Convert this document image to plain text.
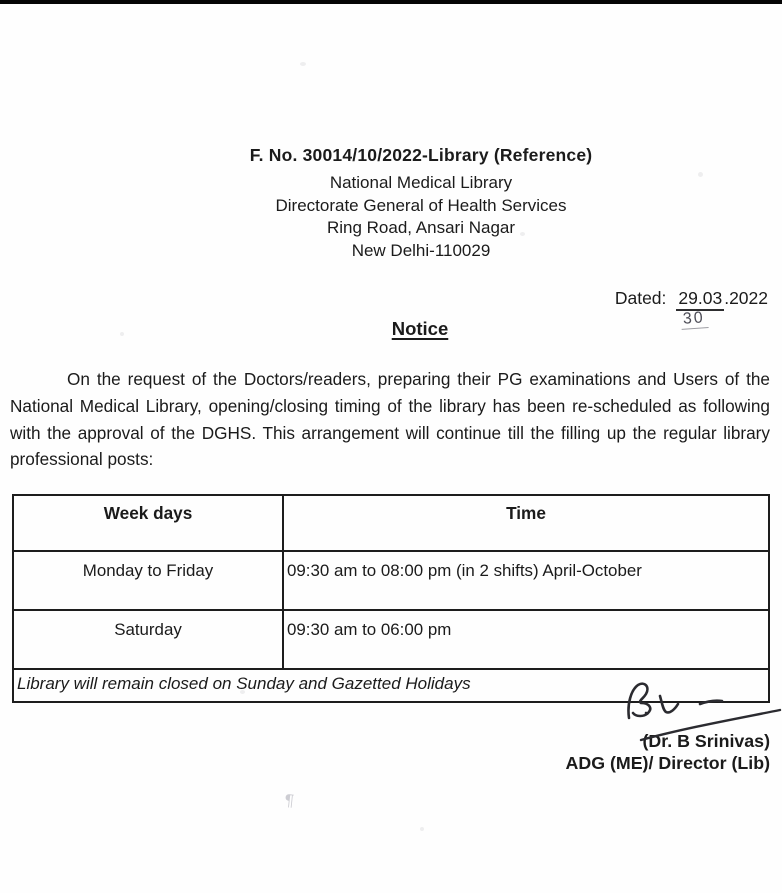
F. No. 30014/10/2022-Library (Reference)
National Medical Library
Directorate General of Health Services
Ring Road, Ansari Nagar
New Delhi-110029
Dated: 29.03 .2022
30
Notice

On the request of the Doctors/readers, preparing their PG examinations and Users of the National Medical Library, opening/closing timing of the library has been re-scheduled as following with the approval of the DGHS. This arrangement will continue till the filling up the regular library professional posts:

Week days	Time
Monday to Friday	09:30 am to 08:00 pm (in 2 shifts) April-October
Saturday	09:30 am to 06:00 pm
Library will remain closed on Sunday and Gazetted Holidays	
(Dr. B Srinivas)
ADG (ME)/ Director (Lib)
¶
